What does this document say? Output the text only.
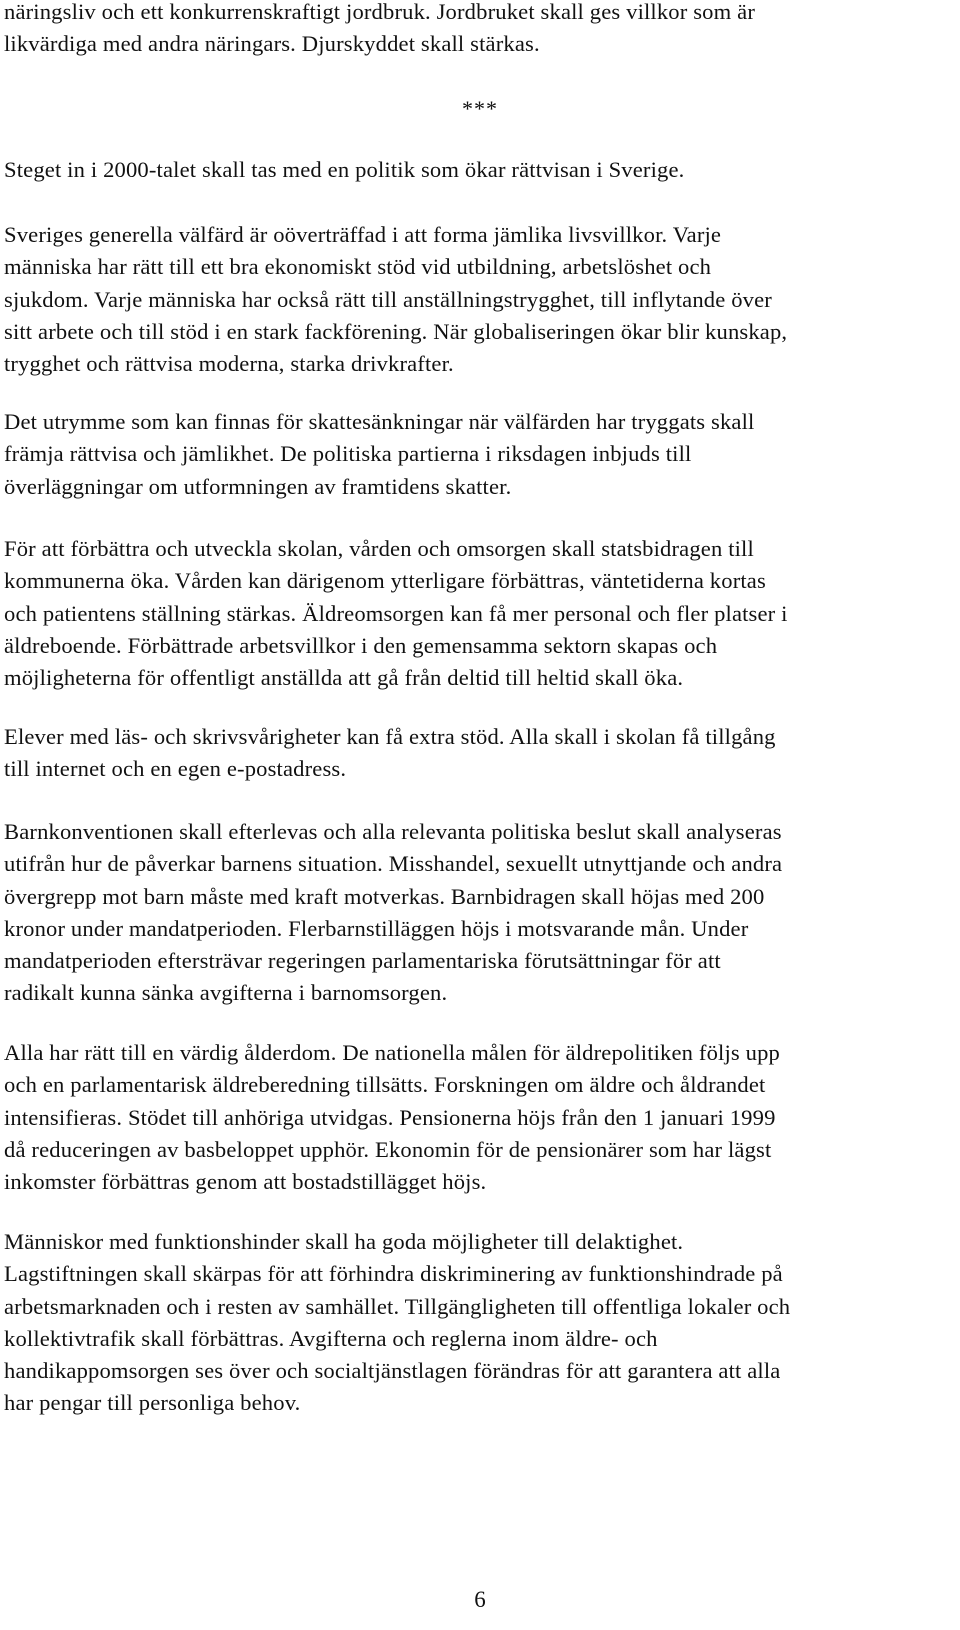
näringsliv och ett konkurrenskraftigt jordbruk. Jordbruket skall ges villkor som är
likvärdiga med andra näringars. Djurskyddet skall stärkas.

Steget in i 2000-talet skall tas med en politik som ökar rättvisan i Sverige.

Sveriges generella välfärd är oöverträffad i att forma jämlika livsvillkor. Varje
människa har rätt till ett bra ekonomiskt stöd vid utbildning, arbetslöshet och
sjukdom. Varje människa har också rätt till anställningstrygghet, till inflytande över
sitt arbete och till stöd i en stark fackförening. När globaliseringen ökar blir kunskap,
trygghet och rättvisa moderna, starka drivkrafter.

Det utrymme som kan finnas för skattesänkningar när välfärden har tryggats skall
främja rättvisa och jämlikhet. De politiska partierna i riksdagen inbjuds till
överläggningar om utformningen av framtidens skatter.

För att förbättra och utveckla skolan, vården och omsorgen skall statsbidragen till
kommunerna öka. Vården kan därigenom ytterligare förbättras, väntetiderna kortas
och patientens ställning stärkas. Äldreomsorgen kan få mer personal och fler platser i
äldreboende. Förbättrade arbetsvillkor i den gemensamma sektorn skapas och
möjligheterna för offentligt anställda att gå från deltid till heltid skall öka.

Elever med läs- och skrivsvårigheter kan få extra stöd. Alla skall i skolan få tillgång
till internet och en egen e-postadress.

Barnkonventionen skall efterlevas och alla relevanta politiska beslut skall analyseras
utifrån hur de påverkar barnens situation. Misshandel, sexuellt utnyttjande och andra
övergrepp mot barn måste med kraft motverkas. Barnbidragen skall höjas med 200
kronor under mandatperioden. Flerbarnstilläggen höjs i motsvarande mån. Under
mandatperioden eftersträvar regeringen parlamentariska förutsättningar för att
radikalt kunna sänka avgifterna i barnomsorgen.

Alla har rätt till en värdig ålderdom. De nationella målen för äldrepolitiken följs upp
och en parlamentarisk äldreberedning tillsätts. Forskningen om äldre och åldrandet
intensifieras. Stödet till anhöriga utvidgas. Pensionerna höjs från den 1 januari 1999
då reduceringen av basbeloppet upphör. Ekonomin för de pensionärer som har lägst
inkomster förbättras genom att bostadstillägget höjs.

Människor med funktionshinder skall ha goda möjligheter till delaktighet.
Lagstiftningen skall skärpas för att förhindra diskriminering av funktionshindrade på
arbetsmarknaden och i resten av samhället. Tillgängligheten till offentliga lokaler och
kollektivtrafik skall förbättras. Avgifterna och reglerna inom äldre- och
handikappomsorgen ses över och socialtjänstlagen förändras för att garantera att alla
har pengar till personliga behov.

***
6
